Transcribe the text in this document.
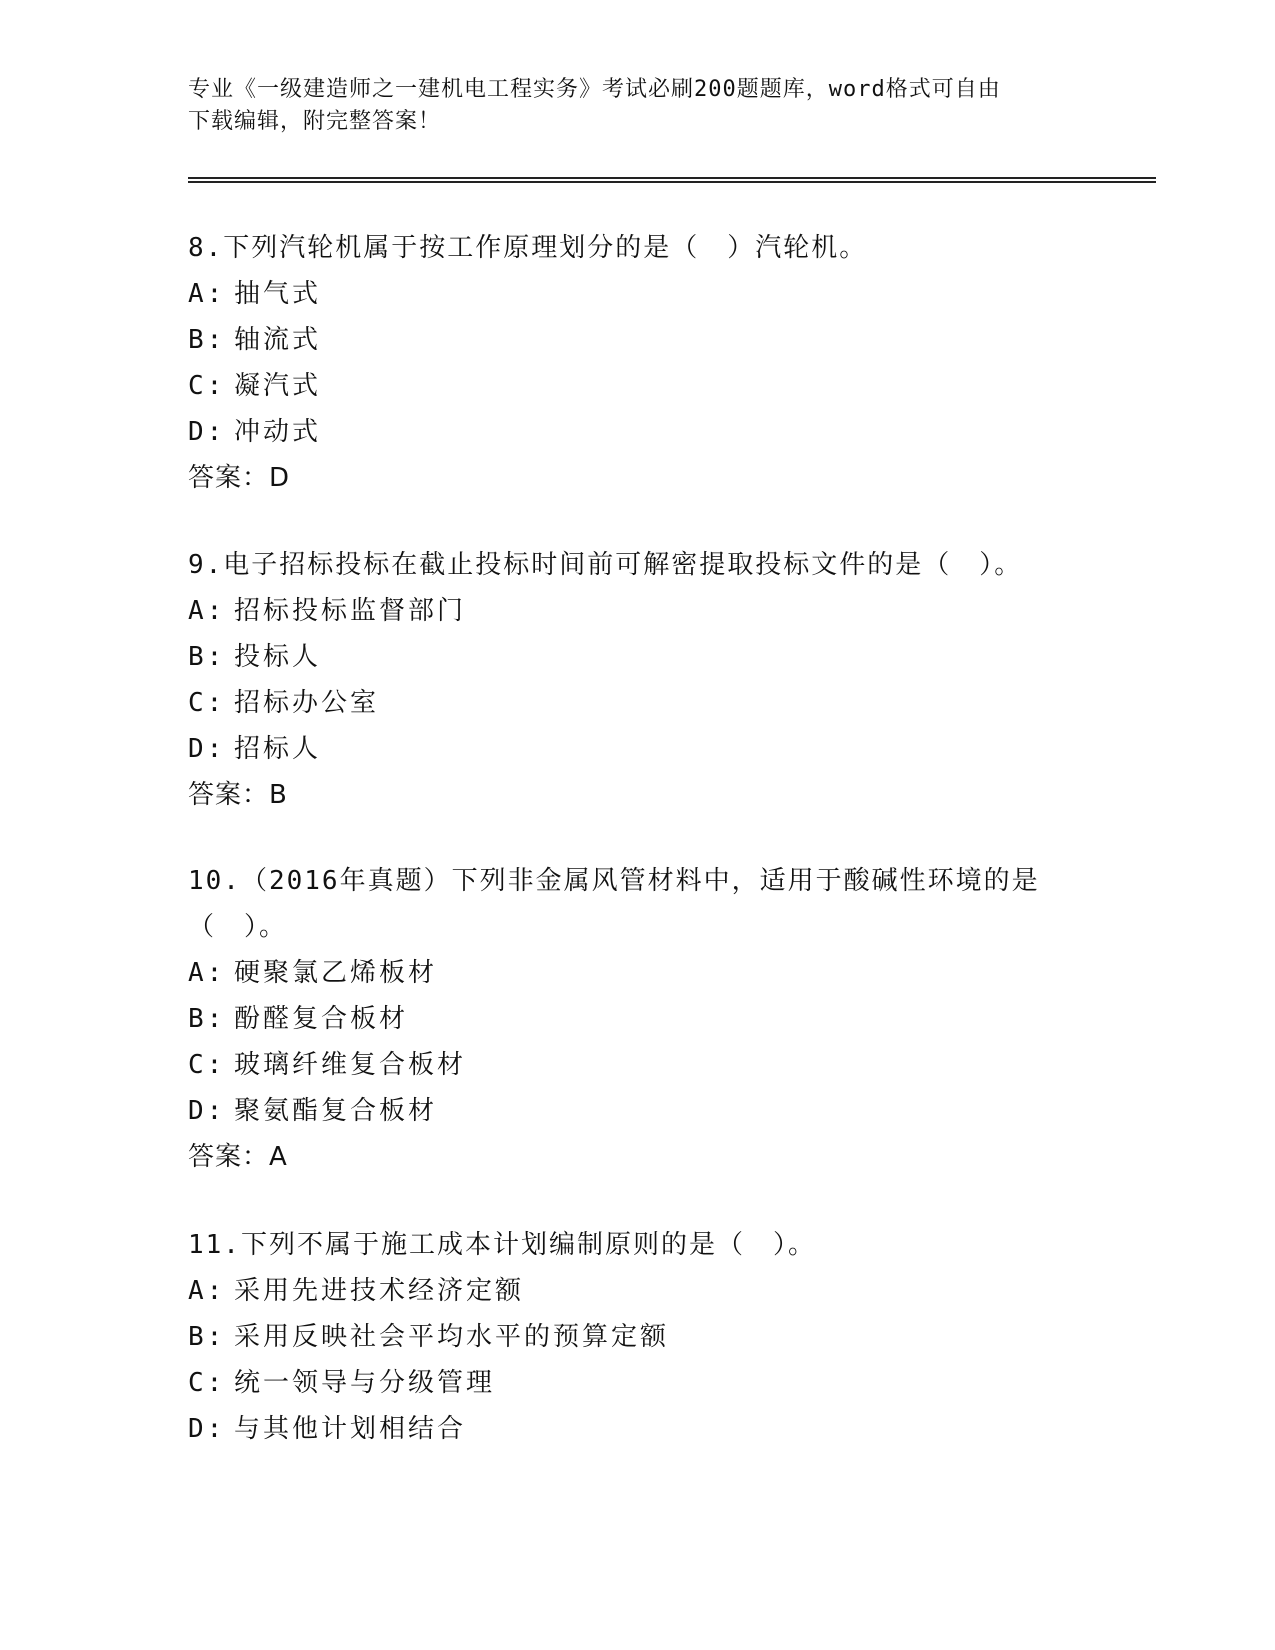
专业《一级建造师之一建机电工程实务》考试必刷200题题库，word格式可自由
下载编辑，附完整答案！

8.下列汽轮机属于按工作原理划分的是（　）汽轮机。

A: 抽气式
B: 轴流式
C: 凝汽式
D: 冲动式
答案：D

9.电子招标投标在截止投标时间前可解密提取投标文件的是（　）。

A: 招标投标监督部门
B: 投标人
C: 招标办公室
D: 招标人
答案：B

10.（2016年真题）下列非金属风管材料中，适用于酸碱性环境的是（　）。

A: 硬聚氯乙烯板材
B: 酚醛复合板材
C: 玻璃纤维复合板材
D: 聚氨酯复合板材
答案：A

11.下列不属于施工成本计划编制原则的是（　）。

A: 采用先进技术经济定额
B: 采用反映社会平均水平的预算定额
C: 统一领导与分级管理
D: 与其他计划相结合
